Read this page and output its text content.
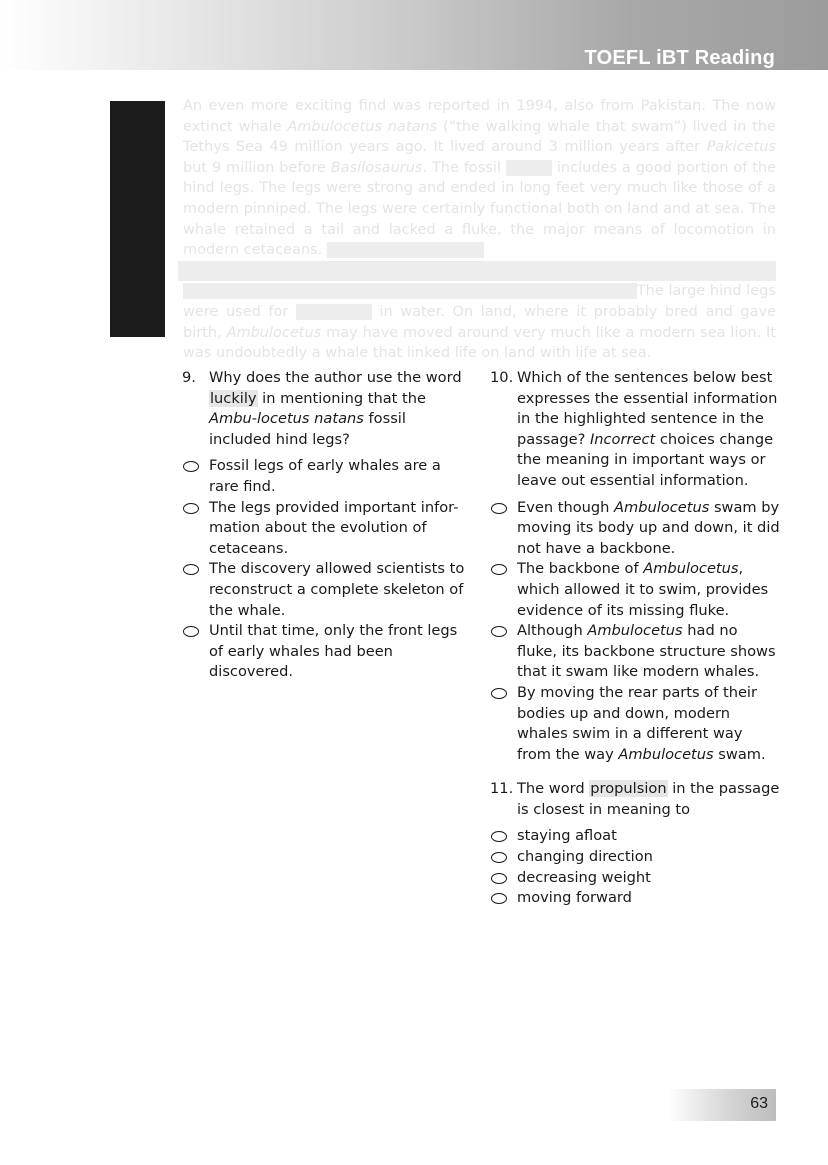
TOEFL iBT Reading
An even more exciting find was reported in 1994, also from Pakistan. The now extinct whale Ambulocetus natans (“the walking whale that swam”) lived in the Tethys Sea 49 million years ago. It lived around 3 million years after Pakicetus but 9 million before Basilosaurus. The fossil luckily includes a good portion of the hind legs. The legs were strong and ended in long feet very much like those of a modern pinniped. The legs were certainly functional both on land and at sea. The whale retained a tail and lacked a fluke, the major means of locomotion in modern cetaceans.

The large hind legs were used for propulsion in water. On land, where it probably bred and gave birth, Ambulocetus may have moved around very much like a modern sea lion. It was undoubtedly a whale that linked life on land with life at sea.
9. Why does the author use the word luckily in mentioning that the Ambu-locetus natans fossil included hind legs?
Fossil legs of early whales are a rare find.
The legs provided important infor-mation about the evolution of cetaceans.
The discovery allowed scientists to reconstruct a complete skeleton of the whale.
Until that time, only the front legs of early whales had been discovered.
10. Which of the sentences below best expresses the essential information in the highlighted sentence in the passage? Incorrect choices change the meaning in important ways or leave out essential information.
Even though Ambulocetus swam by moving its body up and down, it did not have a backbone.
The backbone of Ambulocetus, which allowed it to swim, provides evidence of its missing fluke.
Although Ambulocetus had no fluke, its backbone structure shows that it swam like modern whales.
By moving the rear parts of their bodies up and down, modern whales swim in a different way from the way Ambulocetus swam.
11. The word propulsion in the passage is closest in meaning to
staying afloat
changing direction
decreasing weight
moving forward
63
